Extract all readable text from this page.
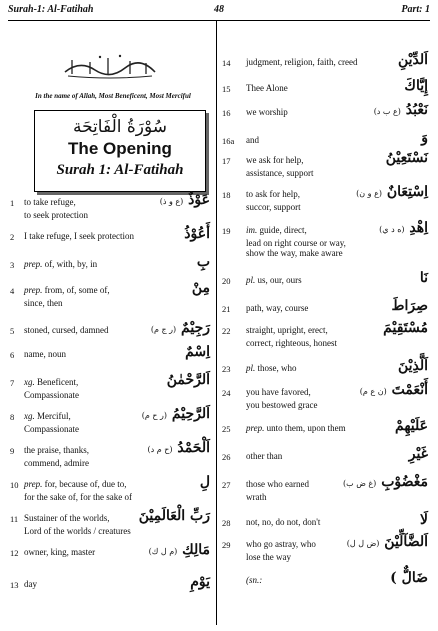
Surah-1: Al-Fatihah	48	Part: 1
In the name of Allah, Most Beneficent, Most Merciful
سُوْرَةُ الْفَاتِحَة
The Opening
Surah 1: Al-Fatihah
1 to take refuge,
to seek protection
عَوْذٌ (ع و ذ)
2 I take refuge, I seek protection	أَعُوْذُ
3 prep. of, with, by, in	بِ
4 prep. from, of, some of,
since, then
مِنْ
5 stoned, cursed, damned	رَجِيْمٌ (ر ج م)
6 name, noun	اِسْمٌ
7 xg. Beneficent,
Compassionate
اَلرَّحْمٰنُ
8 xg. Merciful,
Compassionate
اَلرَّحِيْمُ (ر ح م)
9 the praise, thanks,
commend, admire
اَلْحَمْدُ (ح م د)
10 prep. for, because of, due to,
for the sake of, for the sake of
لِ
11 Sustainer of the worlds,
Lord of the worlds / creatures
رَبِّ الْعَالَمِيْنَ
12 owner, king, master	مَالِكِ (م ل ك)
13 day	يَوْمِ
14 judgment, religion, faith, creed	اَلدِّيْنِ
15 Thee Alone	إِيَّاكَ
16 we worship	نَعْبُدُ (ع ب د)
16a and	وَ
17 we ask for help,
assistance, support
نَسْتَعِيْنُ
18 to ask for help,
succor, support
اِسْتِعَانٌ (ع و ن)
19 im. guide, direct,
lead on right course or way,
show the way, make aware
اِهْدِ (ه د ي)
20 pl. us, our, ours	نَا
21 path, way, course	صِرَاطَ
22 straight, upright, erect,
correct, righteous, honest
مُسْتَقِيْمَ
23 pl. those, who	اَلَّذِيْنَ
24 you have favored,
you bestowed grace
أَنْعَمْتَ (ن ع م)
25 prep. unto them, upon them	عَلَيْهِمْ
26 other than	غَيْرِ
27 those who earned
wrath
مَغْضُوْبِ (غ ض ب)
28 not, no, do not, don't	لَا
29 who go astray, who
lose the way
اَلضَّآلِّيْنَ (ض ل ل)
(sn.:	ضَالٌّ )
